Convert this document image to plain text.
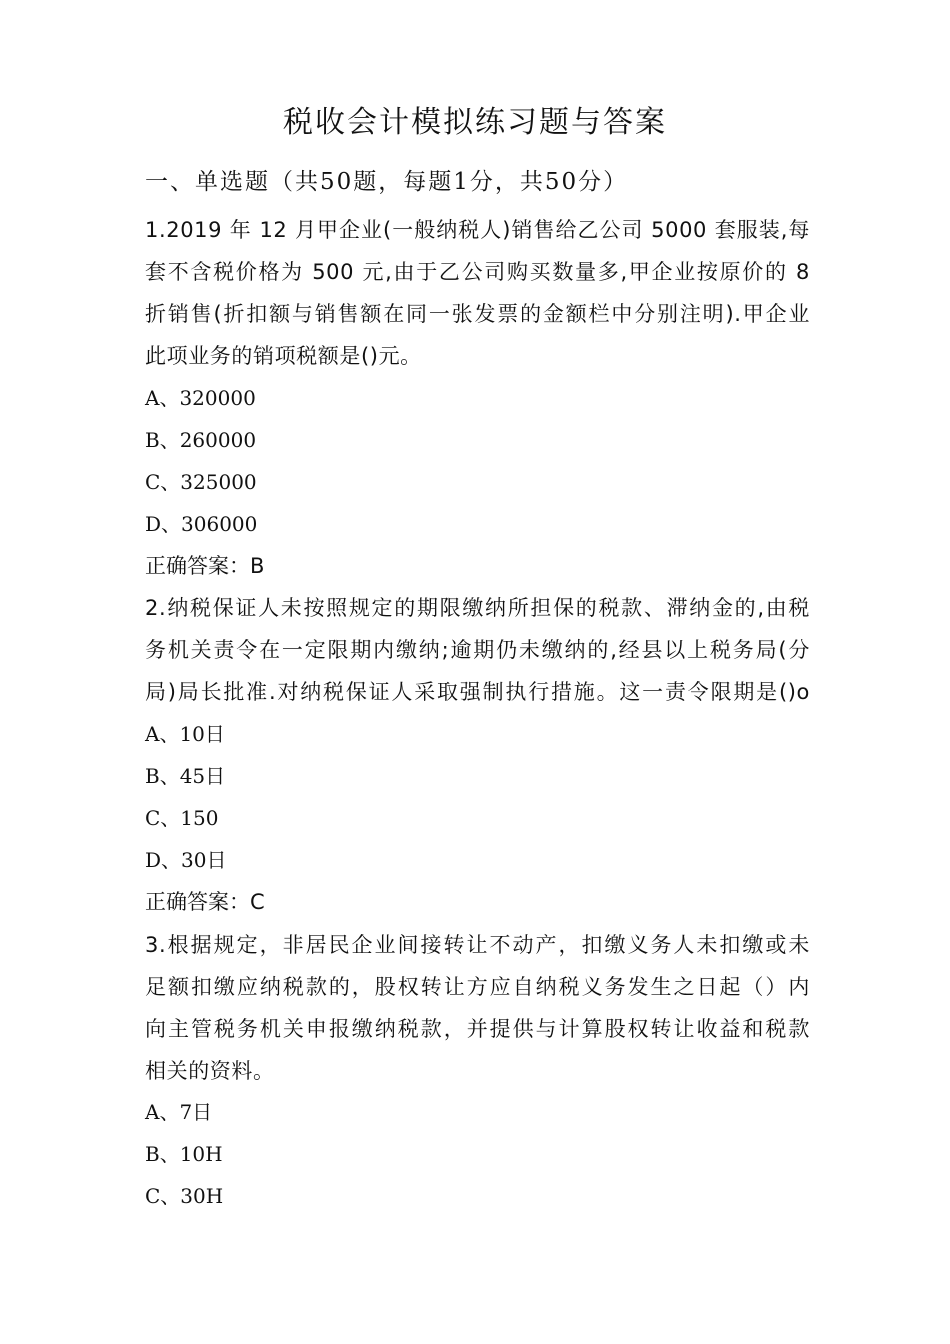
税收会计模拟练习题与答案
一、单选题（共50题，每题1分，共50分）
1.2019 年 12 月甲企业(一般纳税人)销售给乙公司 5000 套服装,每
套不含税价格为 500 元,由于乙公司购买数量多,甲企业按原价的 8
折销售(折扣额与销售额在同一张发票的金额栏中分别注明).甲企业
此项业务的销项税额是()元。
A、320000
B、260000
C、325000
D、306000
正确答案：B
2.纳税保证人未按照规定的期限缴纳所担保的税款、滞纳金的,由税
务机关责令在一定限期内缴纳;逾期仍未缴纳的,经县以上税务局(分
局)局长批准.对纳税保证人采取强制执行措施。这一责令限期是()o
A、10日
B、45日
C、150
D、30日
正确答案：C
3.根据规定，非居民企业间接转让不动产，扣缴义务人未扣缴或未
足额扣缴应纳税款的，股权转让方应自纳税义务发生之日起（）内
向主管税务机关申报缴纳税款，并提供与计算股权转让收益和税款
相关的资料。
A、7日
B、10H
C、30H
